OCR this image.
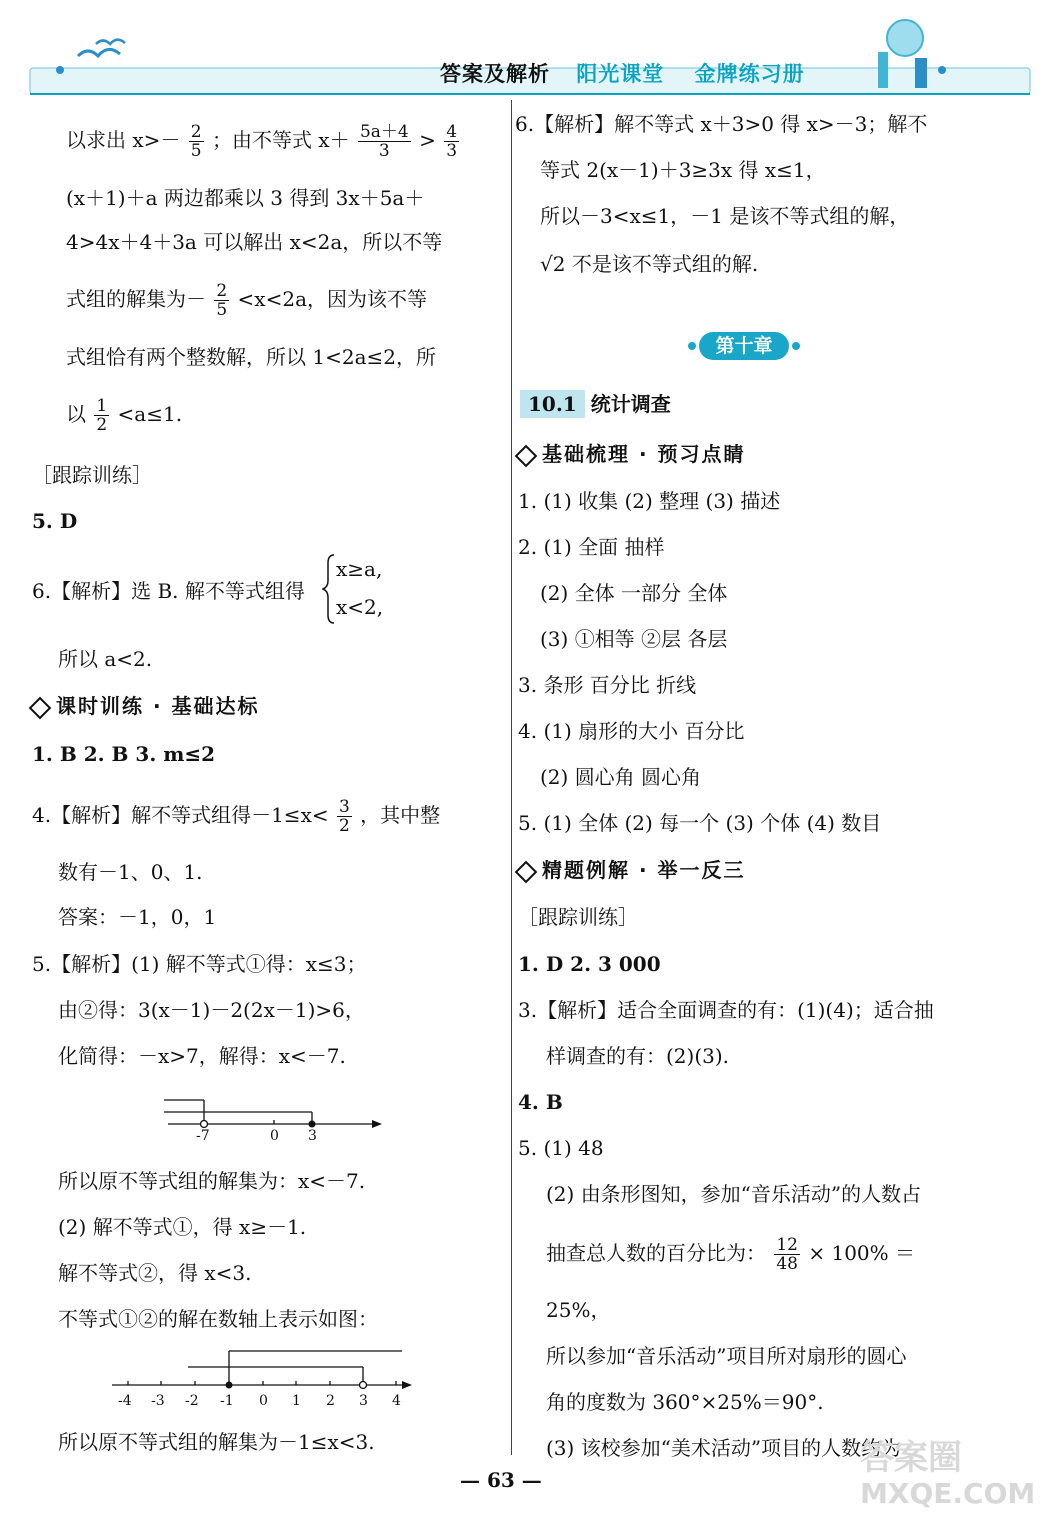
答案及解析 阳光课堂 金牌练习册
以求出 $x>- \frac{2}{5}$ ；由不等式 $x+ \frac{5a+4}{3} > \frac{4}{3}$
(x＋1)＋a 两边都乘以 3 得到 3x＋5a＋
4>4x＋4＋3a 可以解出 x<2a，所以不等
式组的解集为－ $\frac{2}{5} <x<2a$，因为该不等
式组恰有两个整数解，所以 1<2a≤2，所
以 $\frac{1}{2} <a\le 1$.
［跟踪训练］
5. D
6.【解析】选 B. 解不等式组得
x≥a,
x<2,
所以 a<2.
课时训练 · 基础达标
1. B 2. B 3. m≤2
4.【解析】解不等式组得$-1\le x< \frac{3}{2}$ ，其中整
数有－1、0、1.
答案：－1，0，1
5.【解析】(1) 解不等式①得：x≤3；
由②得：3(x－1)－2(2x－1)>6，
化简得：－x>7，解得：x<－7.
-7	0 3
所以原不等式组的解集为：x<－7.
(2) 解不等式①，得 x≥－1.
解不等式②，得 x<3.
不等式①②的解在数轴上表示如图：
-4 -3 -2 -1 0 1 2 3 4
所以原不等式组的解集为－1≤x<3.
6.【解析】解不等式 x＋3>0 得 x>－3；解不
等式 2(x－1)＋3≥3x 得 x≤1，
所以－3<x≤1，－1 是该不等式组的解，
√2 不是该不等式组的解.
第十章
10.1 统计调查
基础梳理 · 预习点睛
1. (1) 收集 (2) 整理 (3) 描述
2. (1) 全面 抽样
(2) 全体 一部分 全体
(3) ①相等 ②层 各层
3. 条形 百分比 折线
4. (1) 扇形的大小 百分比
(2) 圆心角 圆心角
5. (1) 全体 (2) 每一个 (3) 个体 (4) 数目
精题例解 · 举一反三
［跟踪训练］
1. D 2. 3 000
3.【解析】适合全面调查的有：(1)(4)；适合抽
样调查的有：(2)(3).
4. B
5. (1) 48
(2) 由条形图知，参加“音乐活动”的人数占
抽查总人数的百分比为： $\frac{12}{48} \times 100\%$ ＝
25%，
所以参加“音乐活动”项目所对扇形的圆心
角的度数为 360°×25%＝90°.
(3) 该校参加“美术活动”项目的人数约为
— 63 —
答案圈
MXQE.COM
